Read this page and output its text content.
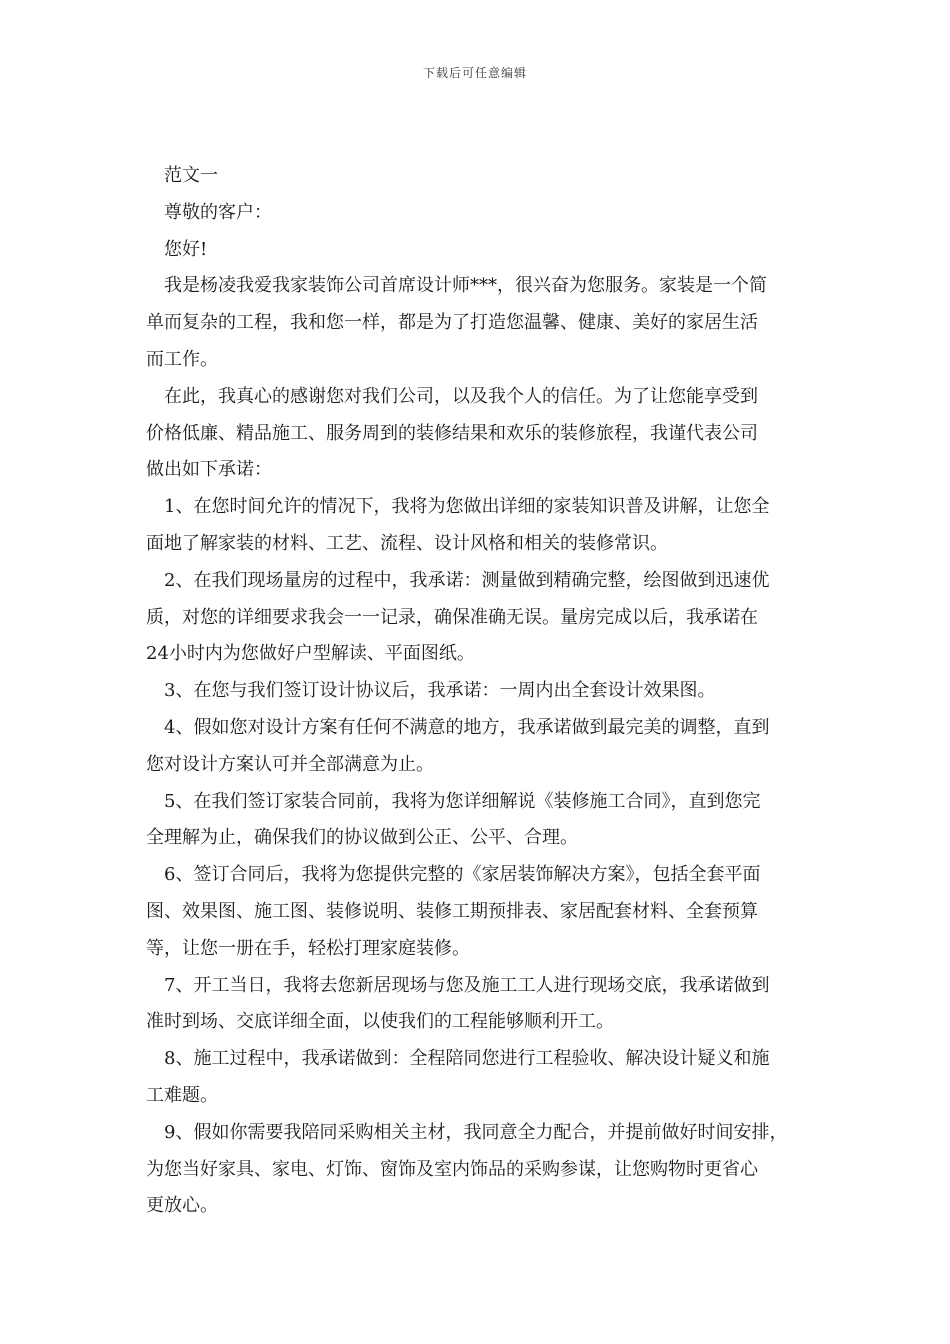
下载后可任意编辑

范文一

尊敬的客户：

您好!

我是杨凌我爱我家装饰公司首席设计师***，很兴奋为您服务。家装是一个简

单而复杂的工程，我和您一样，都是为了打造您温馨、健康、美好的家居生活

而工作。

在此，我真心的感谢您对我们公司，以及我个人的信任。为了让您能享受到

价格低廉、精品施工、服务周到的装修结果和欢乐的装修旅程，我谨代表公司

做出如下承诺：

1、在您时间允许的情况下，我将为您做出详细的家装知识普及讲解，让您全

面地了解家装的材料、工艺、流程、设计风格和相关的装修常识。

2、在我们现场量房的过程中，我承诺：测量做到精确完整，绘图做到迅速优

质，对您的详细要求我会一一记录，确保准确无误。量房完成以后，我承诺在

24小时内为您做好户型解读、平面图纸。

3、在您与我们签订设计协议后，我承诺：一周内出全套设计效果图。

4、假如您对设计方案有任何不满意的地方，我承诺做到最完美的调整，直到

您对设计方案认可并全部满意为止。

5、在我们签订家装合同前，我将为您详细解说《装修施工合同》，直到您完

全理解为止，确保我们的协议做到公正、公平、合理。

6、签订合同后，我将为您提供完整的《家居装饰解决方案》，包括全套平面

图、效果图、施工图、装修说明、装修工期预排表、家居配套材料、全套预算

等，让您一册在手，轻松打理家庭装修。

7、开工当日，我将去您新居现场与您及施工工人进行现场交底，我承诺做到

准时到场、交底详细全面，以使我们的工程能够顺利开工。

8、施工过程中，我承诺做到：全程陪同您进行工程验收、解决设计疑义和施

工难题。

9、假如你需要我陪同采购相关主材，我同意全力配合，并提前做好时间安排，

为您当好家具、家电、灯饰、窗饰及室内饰品的采购参谋，让您购物时更省心

更放心。
